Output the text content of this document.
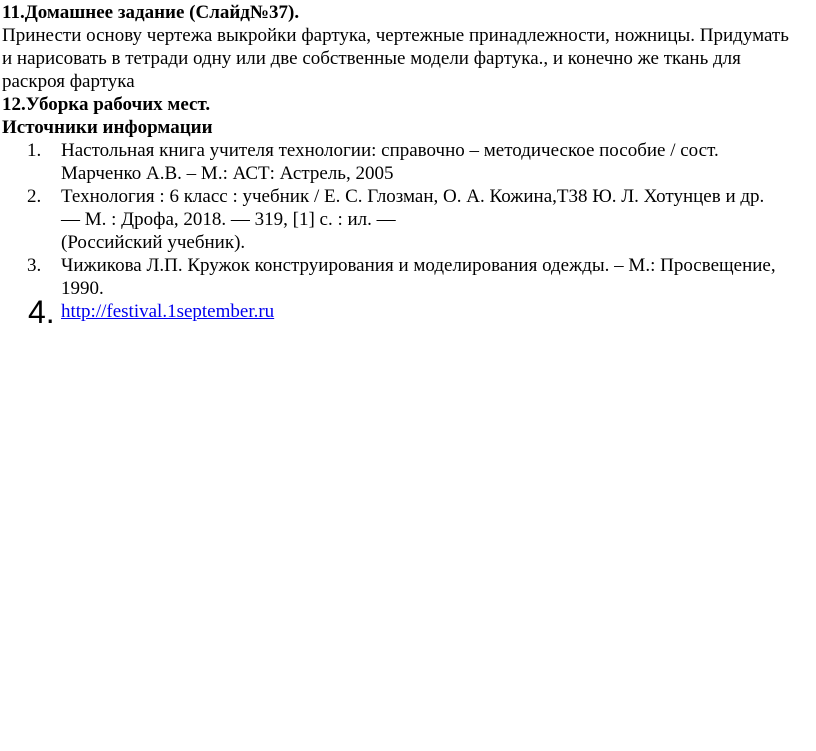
11.Домашнее задание (Слайд№37).
Принести основу чертежа выкройки фартука, чертежные принадлежности, ножницы. Придумать
и нарисовать в тетради одну или две собственные модели фартука., и конечно же ткань для
раскроя фартука
12.Уборка рабочих мест.
Источники информации
1. Настольная книга учителя технологии: справочно – методическое пособие / сост.
Марченко А.В. – М.: АСТ: Астрель, 2005
2. Технология : 6 класс : учебник / Е. С. Глозман, О. А. Кожина,Т38 Ю. Л. Хотунцев и др.
— М. : Дрофа, 2018. — 319, [1] с. : ил. —
(Российский учебник).
3. Чижикова Л.П. Кружок конструирования и моделирования одежды. – М.: Просвещение,
1990.
4. http://festival.1september.ru
